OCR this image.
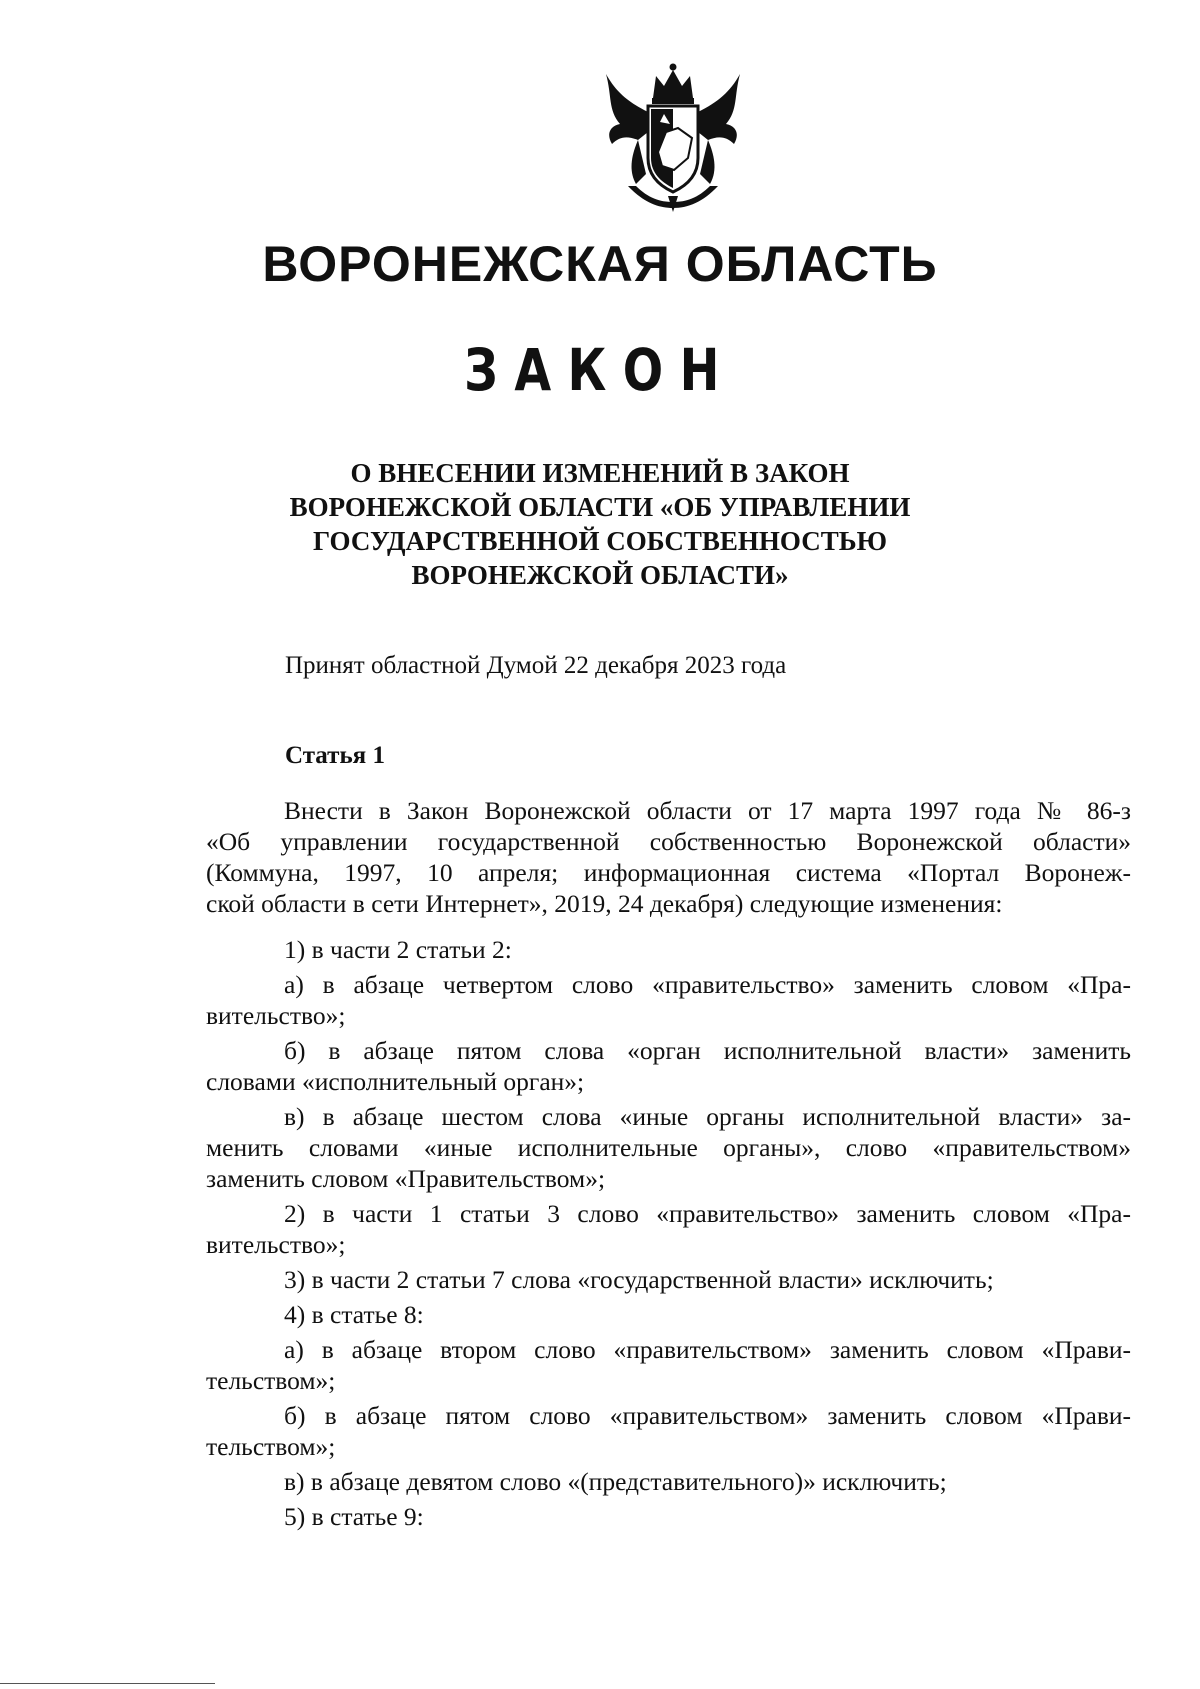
ВОРОНЕЖСКАЯ ОБЛАСТЬ
ЗАКОН
О ВНЕСЕНИИ ИЗМЕНЕНИЙ В ЗАКОН
ВОРОНЕЖСКОЙ ОБЛАСТИ «ОБ УПРАВЛЕНИИ
ГОСУДАРСТВЕННОЙ СОБСТВЕННОСТЬЮ
ВОРОНЕЖСКОЙ ОБЛАСТИ»
Принят областной Думой 22 декабря 2023 года
Статья 1
Внести в Закон Воронежской области от 17 марта 1997 года № 86-з
«Об управлении государственной собственностью Воронежской области»
(Коммуна, 1997, 10 апреля; информационная система «Портал Воронеж-
ской области в сети Интернет», 2019, 24 декабря) следующие изменения:
1) в части 2 статьи 2:
а) в абзаце четвертом слово «правительство» заменить словом «Пра-
вительство»;
б) в абзаце пятом слова «орган исполнительной власти» заменить
словами «исполнительный орган»;
в) в абзаце шестом слова «иные органы исполнительной власти» за-
менить словами «иные исполнительные органы», слово «правительством»
заменить словом «Правительством»;
2) в части 1 статьи 3 слово «правительство» заменить словом «Пра-
вительство»;
3) в части 2 статьи 7 слова «государственной власти» исключить;
4) в статье 8:
а) в абзаце втором слово «правительством» заменить словом «Прави-
тельством»;
б) в абзаце пятом слово «правительством» заменить словом «Прави-
тельством»;
в) в абзаце девятом слово «(представительного)» исключить;
5) в статье 9:
